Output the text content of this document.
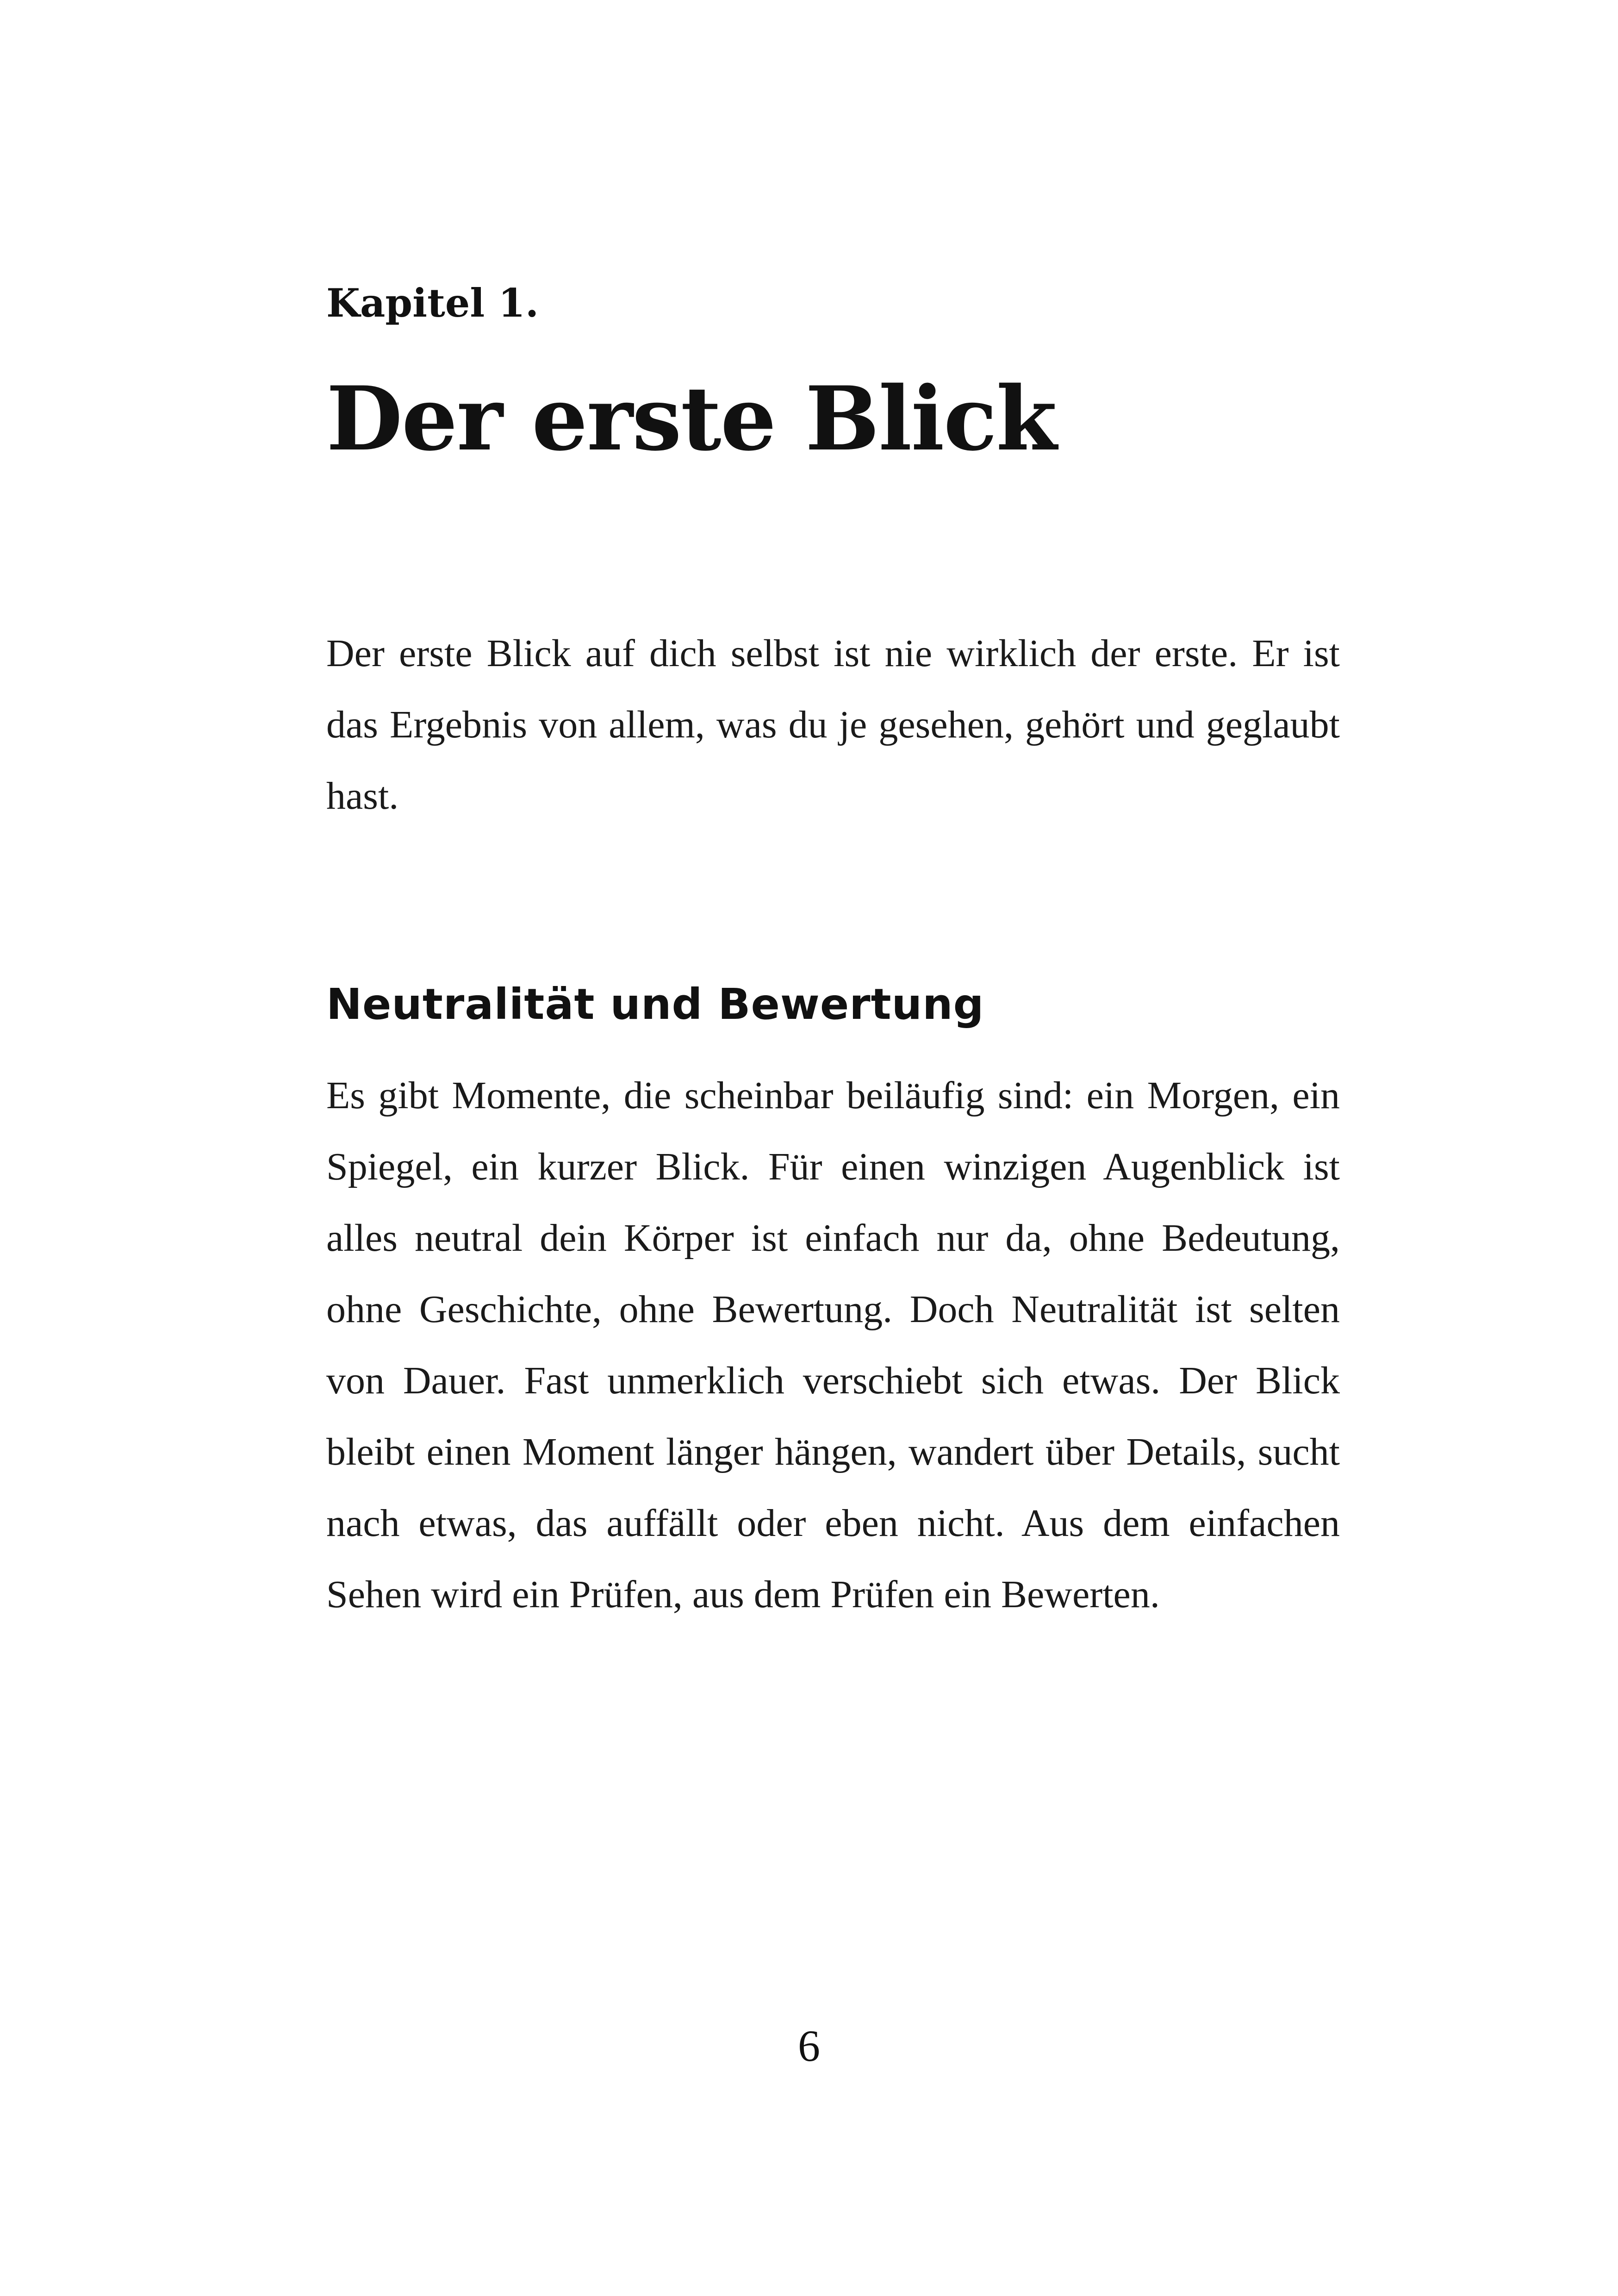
Kapitel 1.
Der erste Blick

Der erste Blick auf dich selbst ist nie wirklich der erste. Er ist das Ergebnis von allem, was du je gesehen, gehört und geglaubt hast.

Neutralität und Bewertung

Es gibt Momente, die scheinbar beiläufig sind: ein Morgen, ein Spiegel, ein kurzer Blick. Für einen winzigen Augenblick ist alles neutral dein Körper ist einfach nur da, ohne Bedeutung, ohne Geschichte, ohne Bewertung. Doch Neutralität ist selten von Dauer. Fast unmerklich verschiebt sich etwas. Der Blick bleibt einen Moment länger hängen, wandert über Details, sucht nach etwas, das auffällt oder eben nicht. Aus dem einfachen Sehen wird ein Prüfen, aus dem Prüfen ein Bewerten.

6
